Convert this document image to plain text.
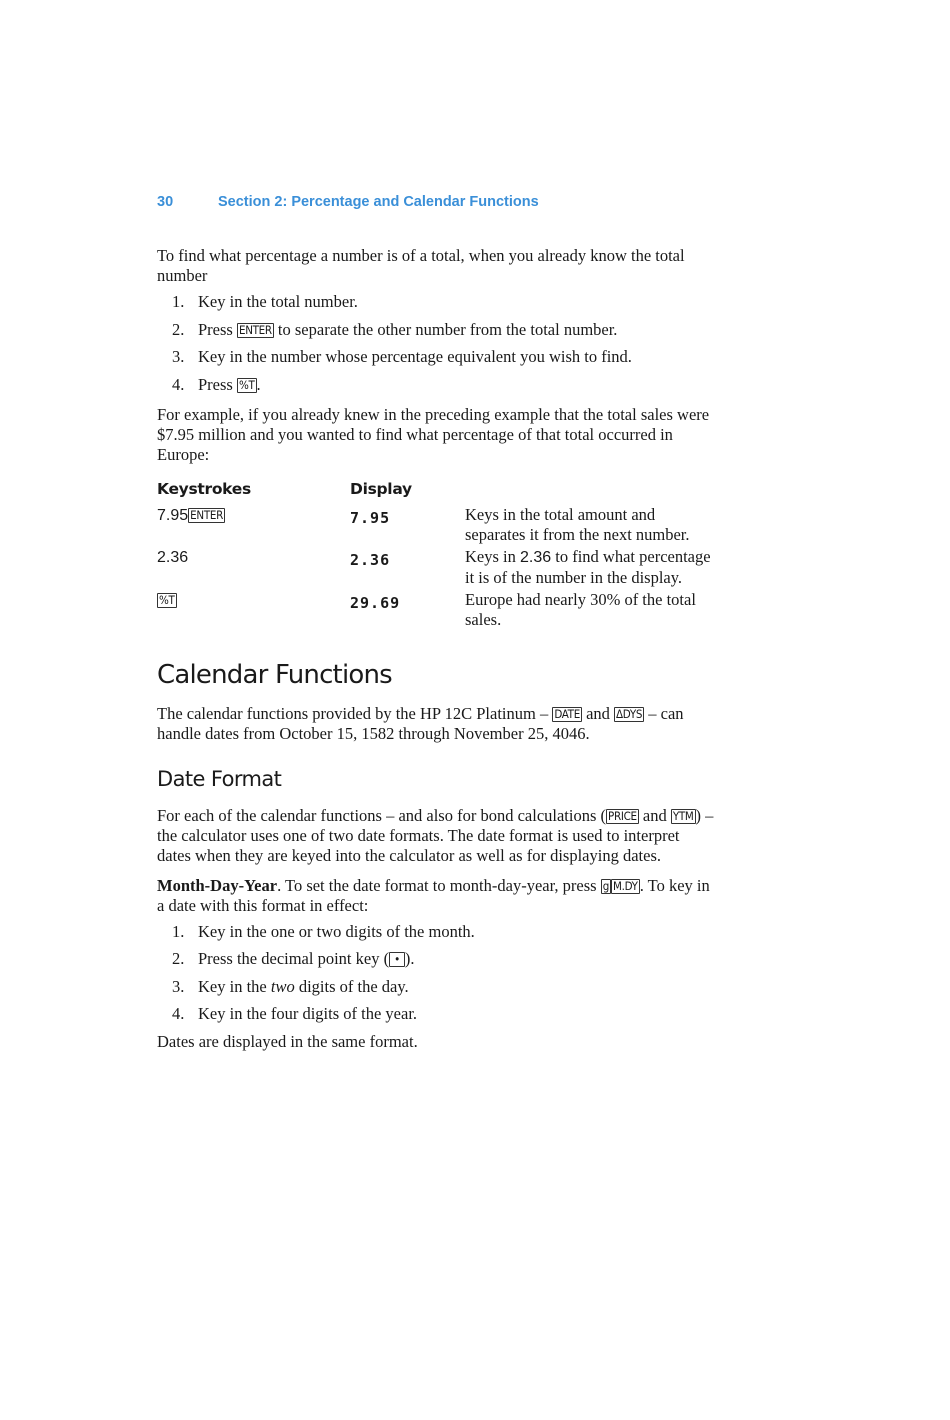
30	Section 2: Percentage and Calendar Functions

To find what percentage a number is of a total, when you already know the total number

1. Key in the total number.
2. Press ENTER to separate the other number from the total number.
3. Key in the number whose percentage equivalent you wish to find.
4. Press %T .

For example, if you already knew in the preceding example that the total sales were $7.95 million and you wanted to find what percentage of that total occurred in Europe:

Keystrokes	Display	
7.95 ENTER	7.95	Keys in the total amount and separates it from the next number.
2.36	2.36	Keys in 2.36 to find what percentage it is of the number in the display.
%T	29.69	Europe had nearly 30% of the total sales.
Calendar Functions

The calendar functions provided by the HP 12C Platinum – DATE and ΔDYS – can handle dates from October 15, 1582 through November 25, 4046.

Date Format

For each of the calendar functions – and also for bond calculations ( PRICE and YTM ) – the calculator uses one of two date formats. The date format is used to interpret dates when they are keyed into the calculator as well as for displaying dates.

Month-Day-Year. To set the date format to month-day-year, press g M.DY . To key in a date with this format in effect:

1. Key in the one or two digits of the month.
2. Press the decimal point key ( • ).
3. Key in the two digits of the day.
4. Key in the four digits of the year.

Dates are displayed in the same format.
